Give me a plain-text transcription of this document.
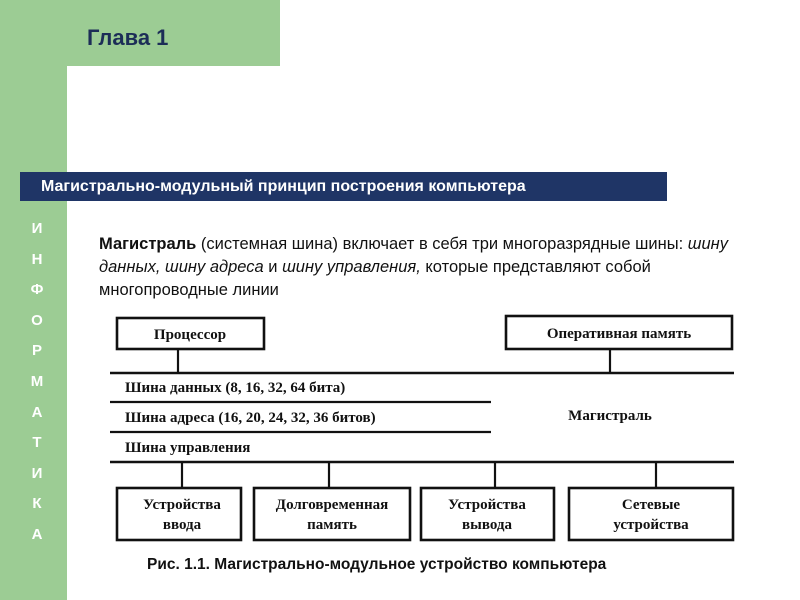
Глава 1
Магистрально-модульный принцип построения компьютера
И
Н
Ф
О
Р
М
А
Т
И
К
А

Магистраль (системная шина) включает в себя три многоразрядные шины: шину данных, шину адреса и шину управления, которые представляют собой многопроводные линии

Процессор	Оперативная память
Шина данных (8, 16, 32, 64 бита)
Шина адреса (16, 20, 24, 32, 36 битов)
Шина управления
Магистраль
Устройства
ввода
Долговременная
память
Устройства
вывода
Сетевые
устройства
Рис. 1.1. Магистрально-модульное устройство компьютера
